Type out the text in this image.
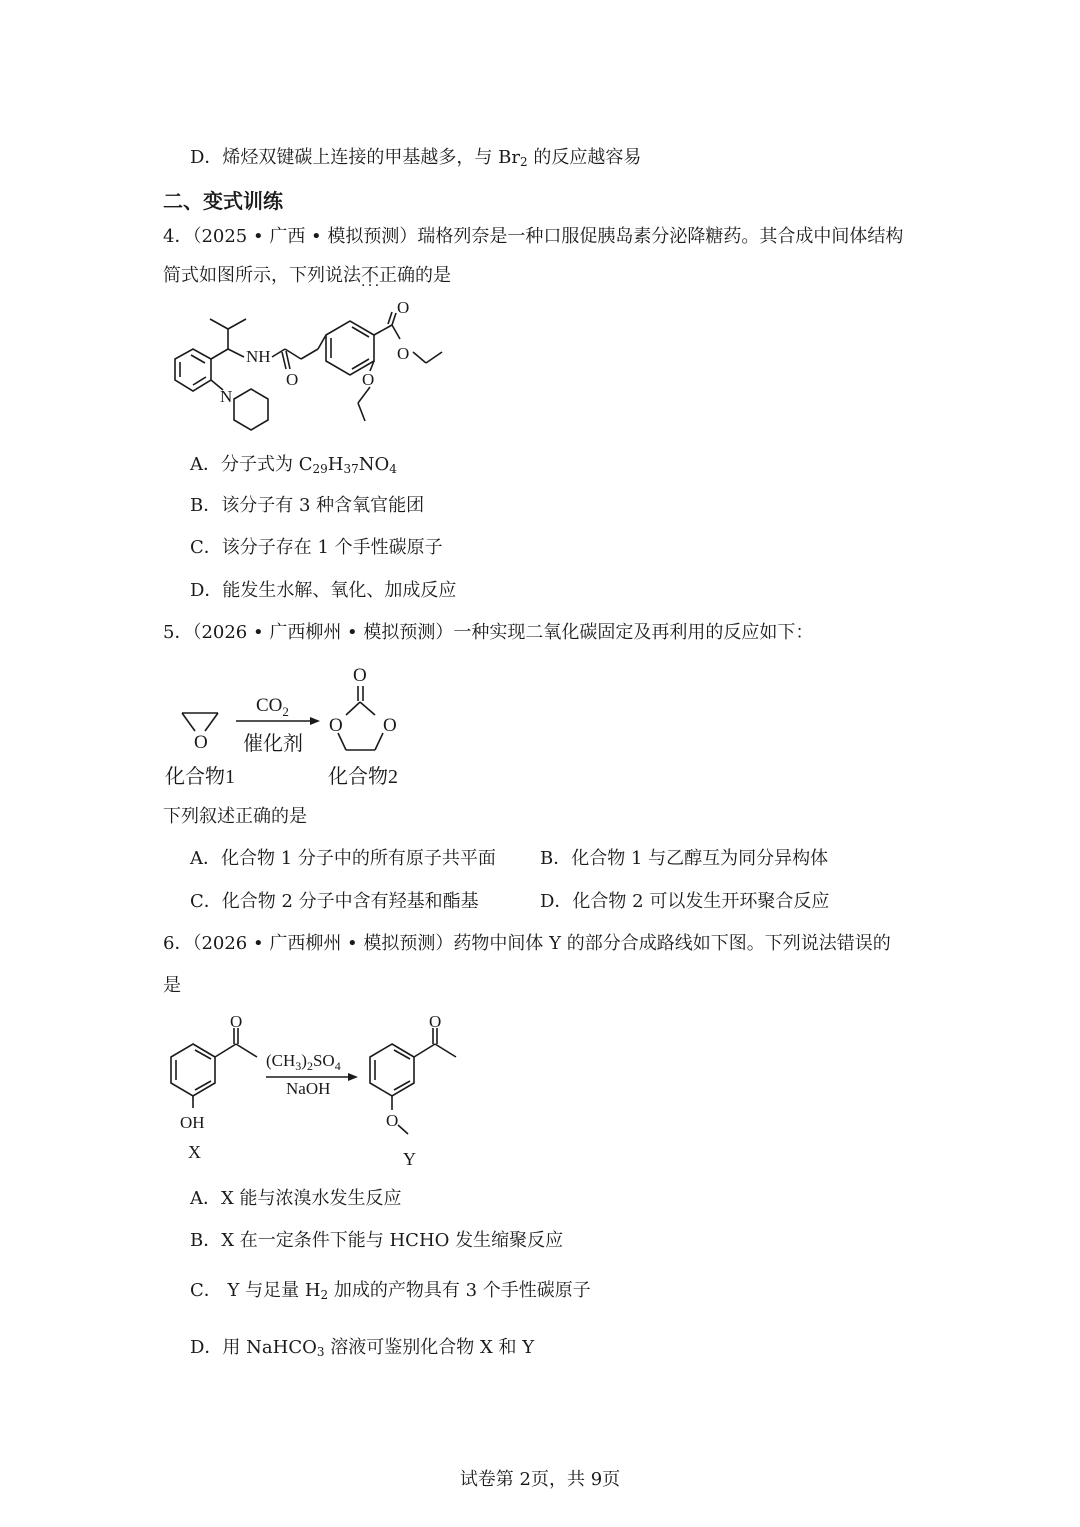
D．烯烃双键碳上连接的甲基越多，与 $Br_2$ 的反应越容易
二、变式训练
4．（2025 • 广西 • 模拟预测）瑞格列奈是一种口服促胰岛素分泌降糖药。其合成中间体结构
简式如图所示，下列说法不正确 · · ·的是
NH
O
O
O
O
N
A．分子式为 $C_{29}H_{37}NO_4$
B．该分子有 3 种含氧官能团
C．该分子存在 1 个手性碳原子
D．能发生水解、氧化、加成反应
5．（2026 • 广西柳州 • 模拟预测）一种实现二氧化碳固定及再利用的反应如下：
O
O
O O
$CO_2$
催化剂
化合物1	化合物2
下列叙述正确的是
A．化合物 1 分子中的所有原子共平面 B．化合物 1 与乙醇互为同分异构体
C．化合物 2 分子中含有羟基和酯基	D．化合物 2 可以发生开环聚合反应
6．（2026 • 广西柳州 • 模拟预测）药物中间体 Y 的部分合成路线如下图。下列说法错误的
是
O	O
OH	O
X	Y
$(CH_3)_2SO_4$
NaOH
A．X 能与浓溴水发生反应
B．X 在一定条件下能与 HCHO 发生缩聚反应
C． Y 与足量 $H_2$ 加成的产物具有 3 个手性碳原子
D．用 NaHCO$_3$ 溶液可鉴别化合物 X 和 Y
试卷第 2页，共 9页
